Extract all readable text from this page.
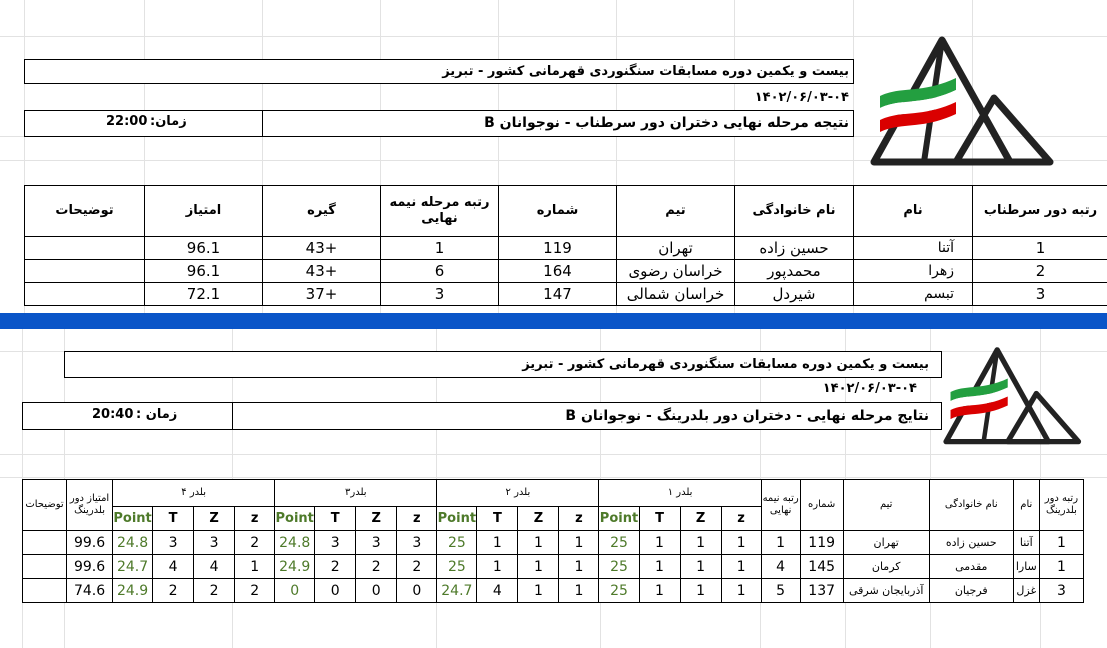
بیست و یکمین دوره مسابقات سنگنوردی قهرمانی کشور - تبریز
۱۴۰۲/۰۶/۰۳-۰۴
نتیجه مرحله نهایی دختران دور سرطناب - نوجوانان B
22:00 زمان:
توضیحات	امتیاز	گیره	رتبه مرحله نیمه نهایی	شماره	تیم	نام خانوادگی	نام	رتبه دور سرطناب
	96.1	43+	1	119	تهران	حسین زاده	آتنا	1
	96.1	43+	6	164	خراسان رضوی	محمدپور	زهرا	2
	72.1	37+	3	147	خراسان شمالی	شیردل	تبسم	3
بیست و یکمین دوره مسابقات سنگنوردی قهرمانی کشور - تبریز
۱۴۰۲/۰۶/۰۳-۰۴
نتایج مرحله نهایی - دختران دور بلدرینگ - نوجوانان B
20:40 زمان :
توضیحات	امتیاز دور بلدرینگ	بلدر ۴				بلدر۳				بلدر ۲				بلدر ۱				رتبه نیمه نهایی	شماره	تیم	نام خانوادگی	نام	رتبه دور بلدرینگ
		Point	T	Z	z	Point	T	Z	z	Point	T	Z	z	Point	T	Z	z						
	99.6	24.8	3	3	2	24.8	3	3	3	25	1	1	1	25	1	1	1	1	119	تهران	حسین زاده	آتنا	1
	99.6	24.7	4	4	1	24.9	2	2	2	25	1	1	1	25	1	1	1	4	145	کرمان	مقدمی	سارا	1
	74.6	24.9	2	2	2	0	0	0	0	24.7	4	1	1	25	1	1	1	5	137	آذربایجان شرقی	فرجیان	غزل	3
